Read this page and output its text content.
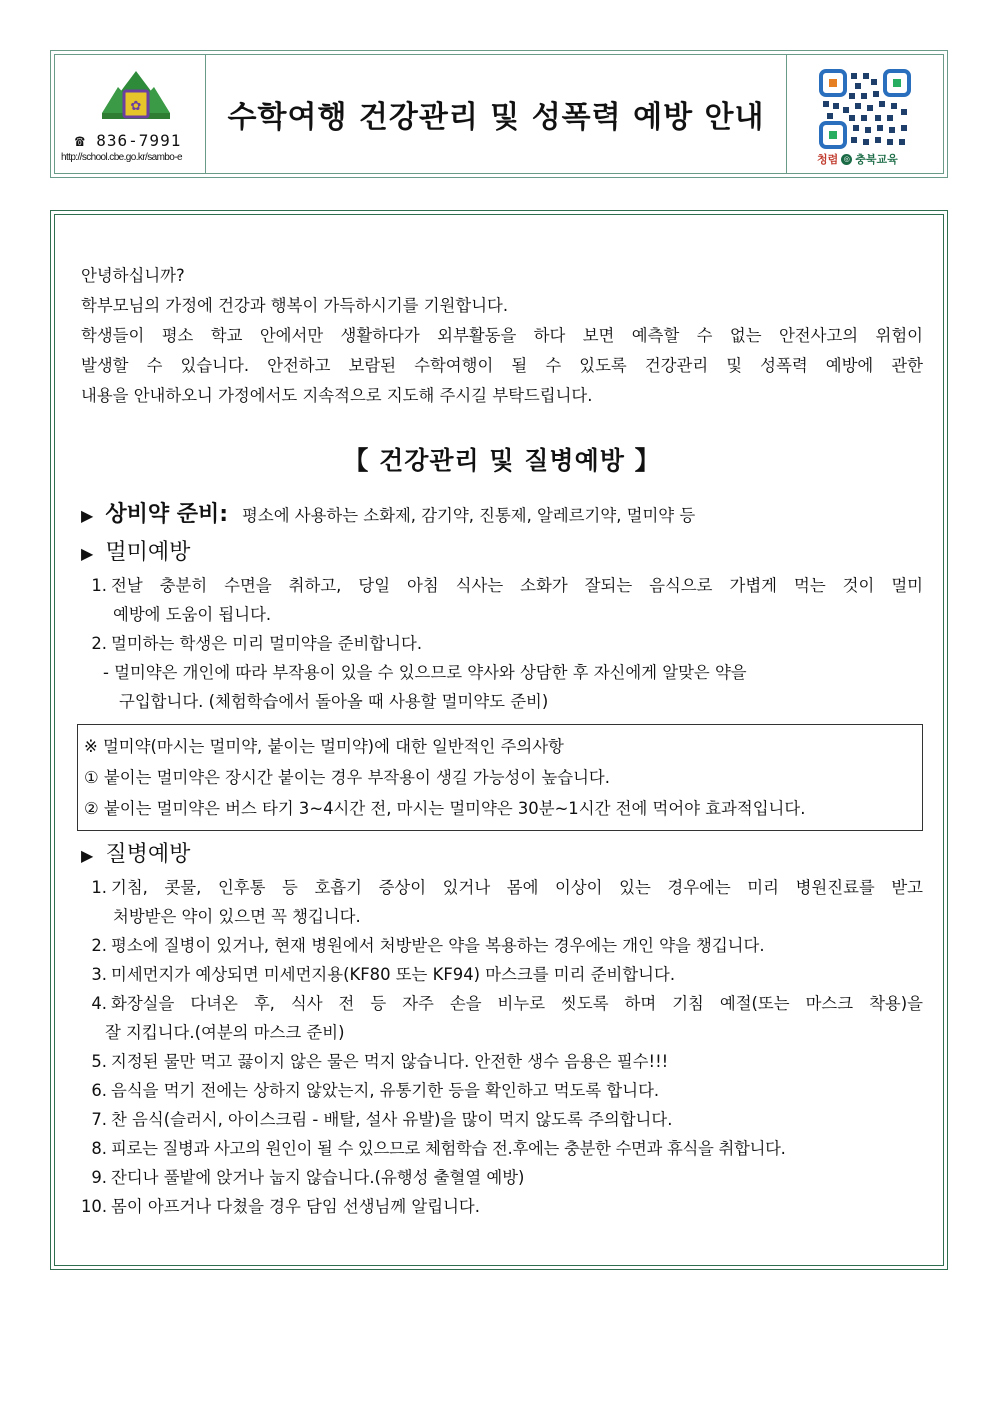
✿
☎ 836-7991
http://school.cbe.go.kr/sambo-e
수학여행 건강관리 및 성폭력 예방 안내
청렴 ◎ 충북교육

안녕하십니까?

학부모님의 가정에 건강과 행복이 가득하시기를 기원합니다.

학생들이 평소 학교 안에서만 생활하다가 외부활동을 하다 보면 예측할 수 없는 안전사고의 위험이

발생할 수 있습니다. 안전하고 보람된 수학여행이 될 수 있도록 건강관리 및 성폭력 예방에 관한

내용을 안내하오니 가정에서도 지속적으로 지도해 주시길 부탁드립니다.

【 건강관리 및 질병예방 】
▶ 상비약 준비: 평소에 사용하는 소화제, 감기약, 진통제, 알레르기약, 멀미약 등
▶ 멀미예방
1. 전날 충분히 수면을 취하고, 당일 아침 식사는 소화가 잘되는 음식으로 가볍게 먹는 것이 멀미
예방에 도움이 됩니다.
2. 멀미하는 학생은 미리 멀미약을 준비합니다.
- 멀미약은 개인에 따라 부작용이 있을 수 있으므로 약사와 상담한 후 자신에게 알맞은 약을
구입합니다. (체험학습에서 돌아올 때 사용할 멀미약도 준비)

※ 멀미약(마시는 멀미약, 붙이는 멀미약)에 대한 일반적인 주의사항

① 붙이는 멀미약은 장시간 붙이는 경우 부작용이 생길 가능성이 높습니다.

② 붙이는 멀미약은 버스 타기 3~4시간 전, 마시는 멀미약은 30분~1시간 전에 먹어야 효과적입니다.

▶ 질병예방
1. 기침, 콧물, 인후통 등 호흡기 증상이 있거나 몸에 이상이 있는 경우에는 미리 병원진료를 받고
처방받은 약이 있으면 꼭 챙깁니다.
2. 평소에 질병이 있거나, 현재 병원에서 처방받은 약을 복용하는 경우에는 개인 약을 챙깁니다.
3. 미세먼지가 예상되면 미세먼지용(KF80 또는 KF94) 마스크를 미리 준비합니다.
4. 화장실을 다녀온 후, 식사 전 등 자주 손을 비누로 씻도록 하며 기침 예절(또는 마스크 착용)을
잘 지킵니다.(여분의 마스크 준비)
5. 지정된 물만 먹고 끓이지 않은 물은 먹지 않습니다. 안전한 생수 음용은 필수!!!
6. 음식을 먹기 전에는 상하지 않았는지, 유통기한 등을 확인하고 먹도록 합니다.
7. 찬 음식(슬러시, 아이스크림 - 배탈, 설사 유발)을 많이 먹지 않도록 주의합니다.
8. 피로는 질병과 사고의 원인이 될 수 있으므로 체험학습 전.후에는 충분한 수면과 휴식을 취합니다.
9. 잔디나 풀밭에 앉거나 눕지 않습니다.(유행성 출혈열 예방)
10. 몸이 아프거나 다쳤을 경우 담임 선생님께 알립니다.
